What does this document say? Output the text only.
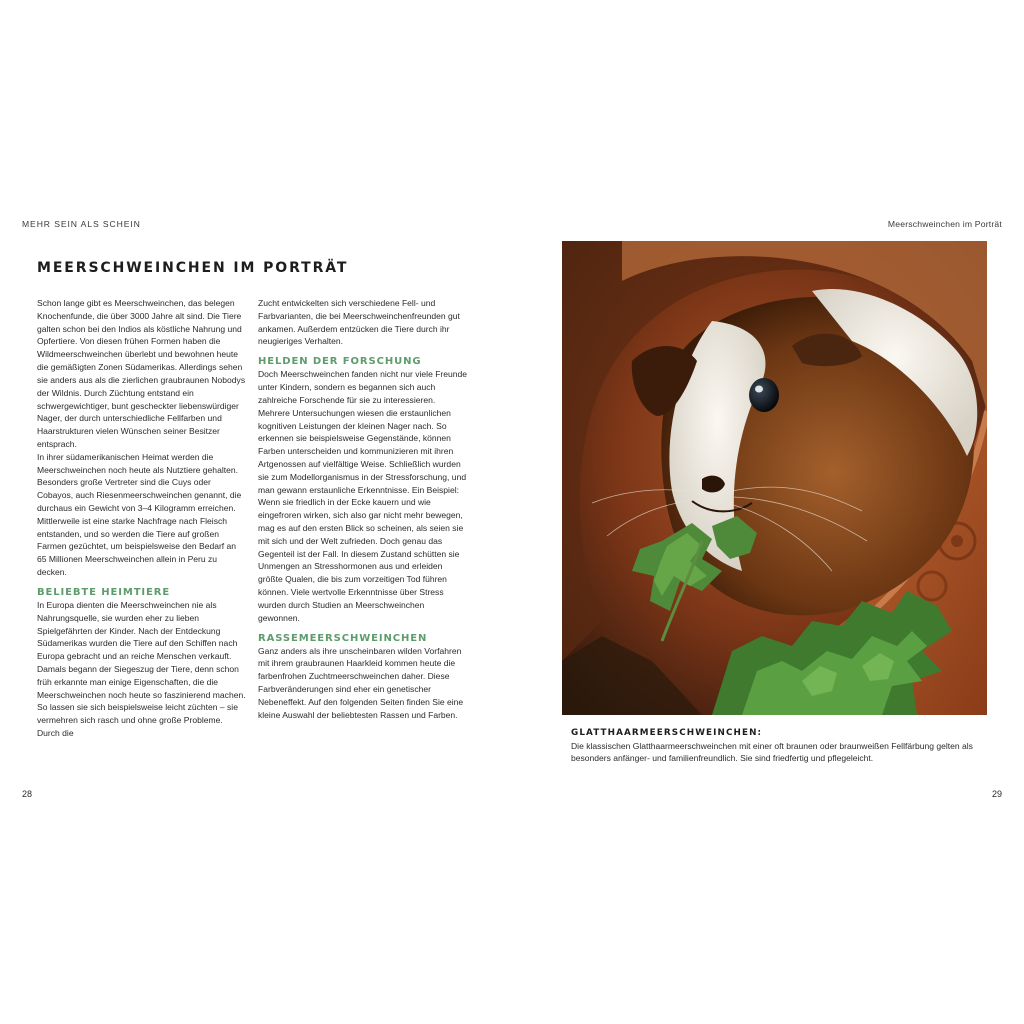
MEHR SEIN ALS SCHEIN	Meerschweinchen im Porträt
MEERSCHWEINCHEN IM PORTRÄT

Schon lange gibt es Meerschweinchen, das belegen Knochenfunde, die über 3000 Jahre alt sind. Die Tiere galten schon bei den Indios als köstliche Nahrung und Opfertiere. Von diesen frühen Formen haben die Wildmeerschweinchen überlebt und bewohnen heute die gemäßigten Zonen Südamerikas. Allerdings sehen sie anders aus als die zierlichen graubraunen Nobodys der Wildnis. Durch Züchtung entstand ein schwergewichtiger, bunt gescheckter liebenswürdiger Nager, der durch unterschiedliche Fellfarben und Haarstrukturen vielen Wünschen seiner Besitzer entsprach.

In ihrer südamerikanischen Heimat werden die Meerschweinchen noch heute als Nutztiere gehalten. Besonders große Vertreter sind die Cuys oder Cobayos, auch Riesenmeerschweinchen genannt, die durchaus ein Gewicht von 3–4 Kilogramm erreichen. Mittlerweile ist eine starke Nachfrage nach Fleisch entstanden, und so werden die Tiere auf großen Farmen gezüchtet, um beispielsweise den Bedarf an 65 Millionen Meerschweinchen allein in Peru zu decken.

BELIEBTE HEIMTIERE

In Europa dienten die Meerschweinchen nie als Nahrungsquelle, sie wurden eher zu lieben Spielgefährten der Kinder. Nach der Entdeckung Südamerikas wurden die Tiere auf den Schiffen nach Europa gebracht und an reiche Menschen verkauft. Damals begann der Siegeszug der Tiere, denn schon früh erkannte man einige Eigenschaften, die die Meerschweinchen noch heute so faszinierend machen. So lassen sie sich beispielsweise leicht züchten – sie vermehren sich rasch und ohne große Probleme. Durch die

Zucht entwickelten sich verschiedene Fell- und Farbvarianten, die bei Meerschweinchenfreunden gut ankamen. Außerdem entzücken die Tiere durch ihr neugieriges Verhalten.

HELDEN DER FORSCHUNG

Doch Meerschweinchen fanden nicht nur viele Freunde unter Kindern, sondern es begannen sich auch zahlreiche Forschende für sie zu interessieren. Mehrere Untersuchungen wiesen die erstaunlichen kognitiven Leistungen der kleinen Nager nach. So erkennen sie beispielsweise Gegenstände, können Farben unterscheiden und kommunizieren mit ihren Artgenossen auf vielfältige Weise. Schließlich wurden sie zum Modellorganismus in der Stressforschung, und man gewann erstaunliche Erkenntnisse. Ein Beispiel: Wenn sie friedlich in der Ecke kauern und wie eingefroren wirken, sich also gar nicht mehr bewegen, mag es auf den ersten Blick so scheinen, als seien sie mit sich und der Welt zufrieden. Doch genau das Gegenteil ist der Fall. In diesem Zustand schütten sie Unmengen an Stresshormonen aus und erleiden größte Qualen, die bis zum vorzeitigen Tod führen können. Viele wertvolle Erkenntnisse über Stress wurden durch Studien an Meerschweinchen gewonnen.

RASSEMEERSCHWEINCHEN

Ganz anders als ihre unscheinbaren wilden Vorfahren mit ihrem graubraunen Haarkleid kommen heute die farbenfrohen Zuchtmeerschweinchen daher. Diese Farbveränderungen sind eher ein genetischer Nebeneffekt. Auf den folgenden Seiten finden Sie eine kleine Auswahl der beliebtesten Rassen und Farben.

GLATTHAARMEERSCHWEINCHEN:
Die klassischen Glatthaarmeerschweinchen mit einer oft braunen oder braunweißen Fellfärbung gelten als besonders anfänger- und familienfreundlich. Sie sind friedfertig und pflegeleicht.
28	29
